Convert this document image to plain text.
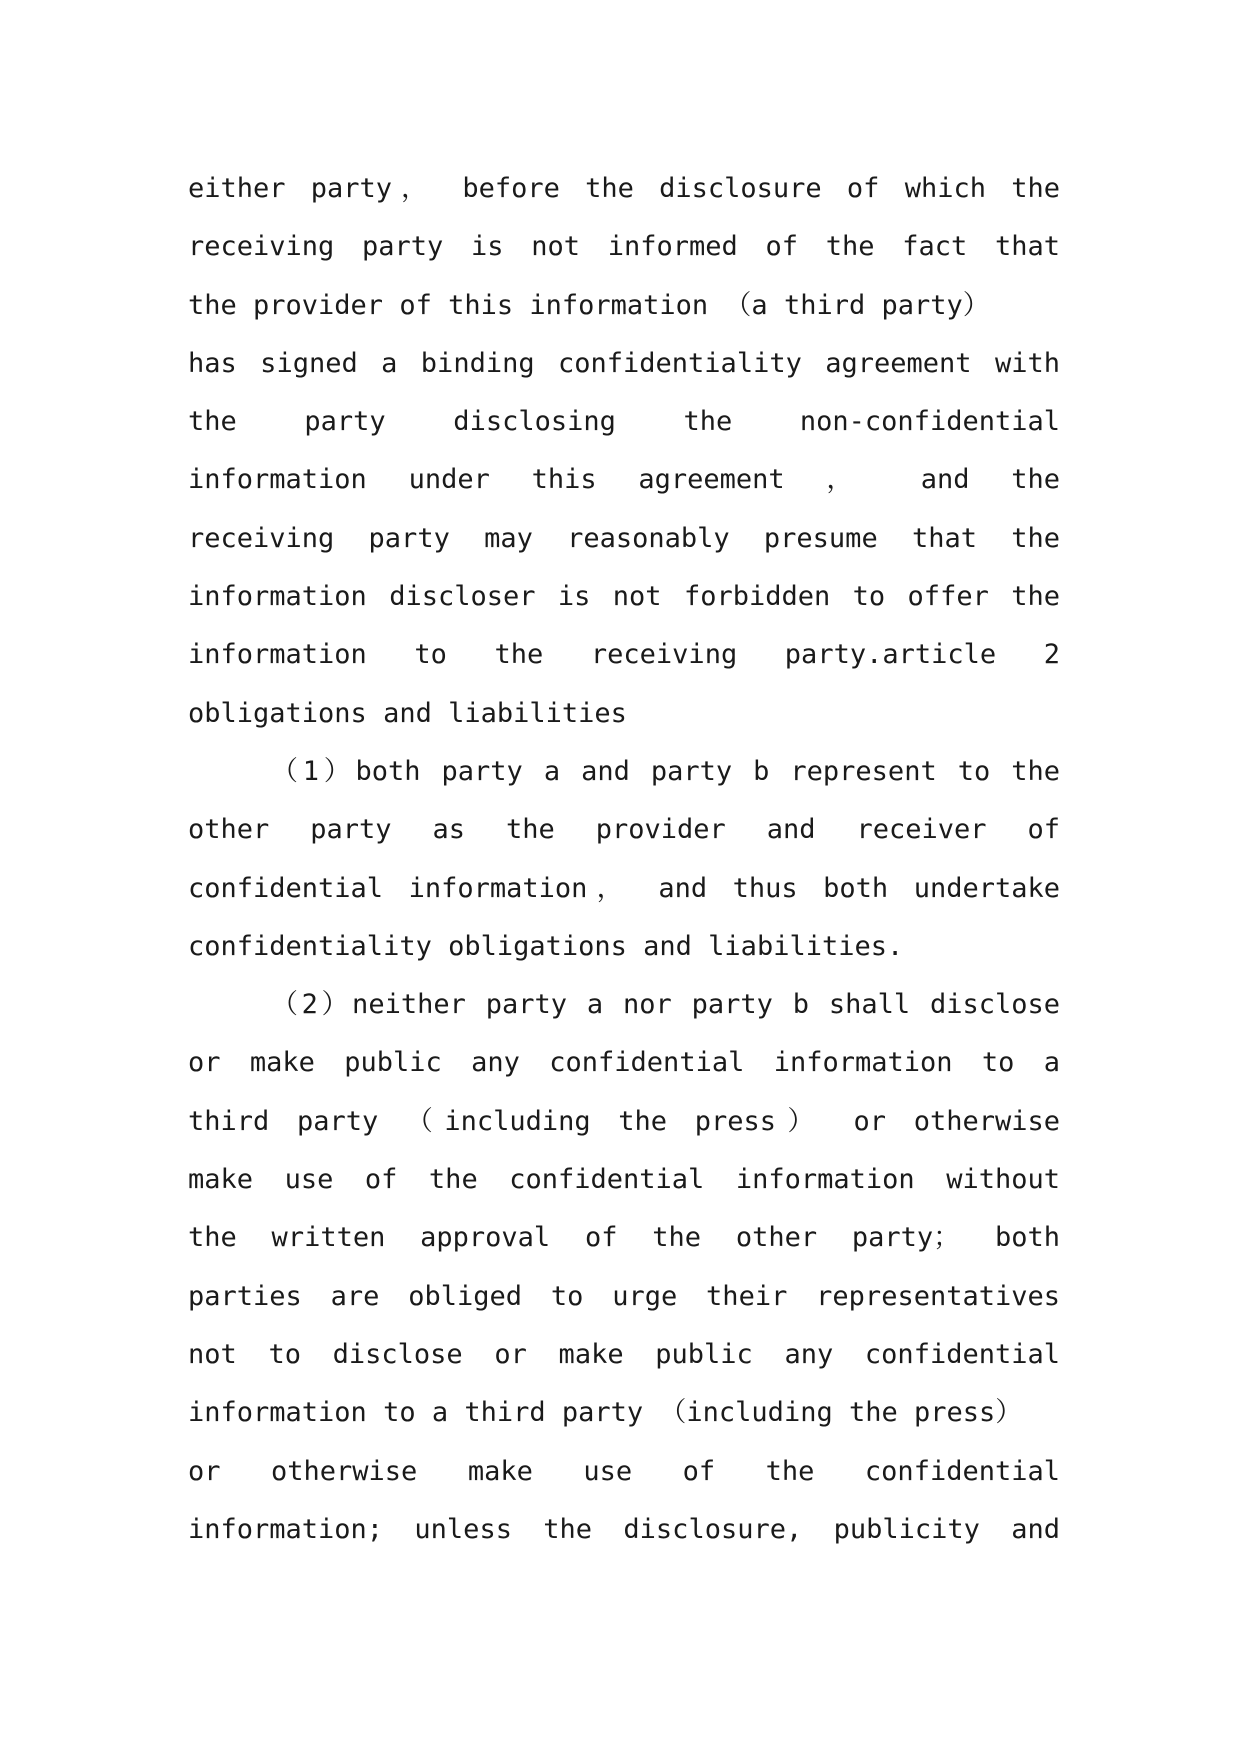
either party， before the disclosure of which the
receiving party is not informed of the fact that
the provider of this information （a third party）
has signed a binding confidentiality agreement with
the party disclosing the non-confidential
information under this agreement ， and the
receiving party may reasonably presume that the
information discloser is not forbidden to offer the
information to the receiving party.article 2
obligations and liabilities
（1）both party a and party b represent to the
other party as the provider and receiver of
confidential information， and thus both undertake
confidentiality obligations and liabilities.
（2）neither party a nor party b shall disclose
or make public any confidential information to a
third party （including the press） or otherwise
make use of the confidential information without
the written approval of the other party； both
parties are obliged to urge their representatives
not to disclose or make public any confidential
information to a third party （including the press）
or otherwise make use of the confidential
information; unless the disclosure, publicity and
